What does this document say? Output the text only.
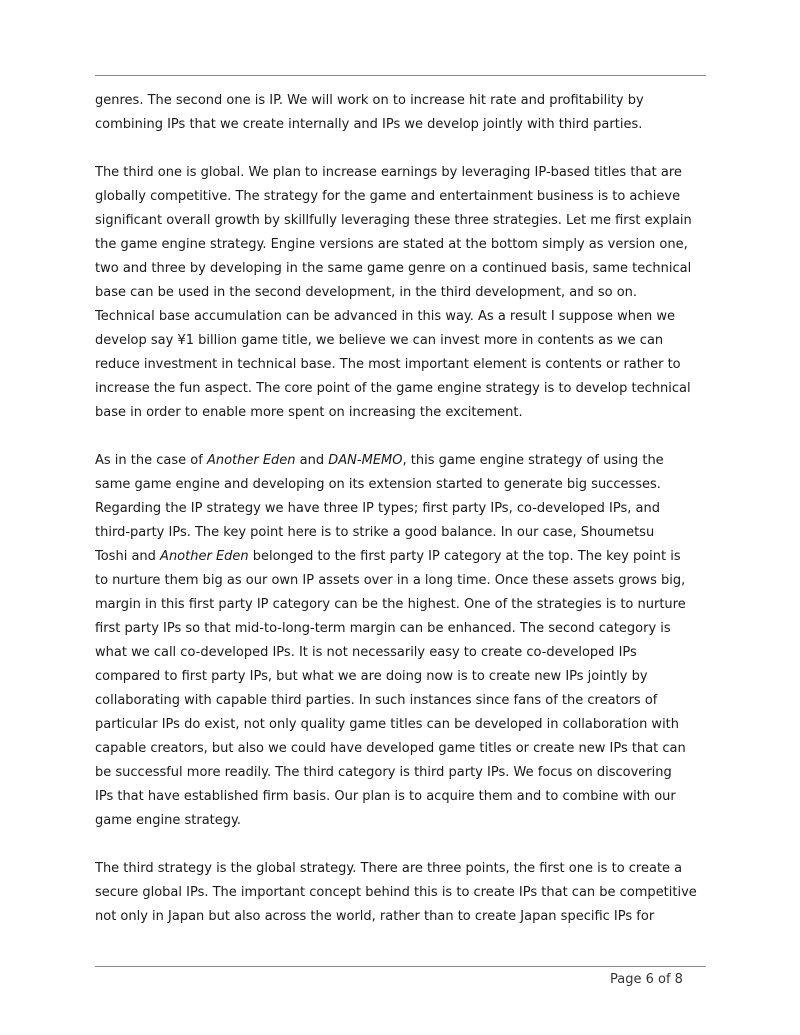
genres. The second one is IP. We will work on to increase hit rate and profitability by
combining IPs that we create internally and IPs we develop jointly with third parties.
The third one is global. We plan to increase earnings by leveraging IP-based titles that are
globally competitive. The strategy for the game and entertainment business is to achieve
significant overall growth by skillfully leveraging these three strategies. Let me first explain
the game engine strategy. Engine versions are stated at the bottom simply as version one,
two and three by developing in the same game genre on a continued basis, same technical
base can be used in the second development, in the third development, and so on.
Technical base accumulation can be advanced in this way. As a result I suppose when we
develop say ¥1 billion game title, we believe we can invest more in contents as we can
reduce investment in technical base. The most important element is contents or rather to
increase the fun aspect. The core point of the game engine strategy is to develop technical
base in order to enable more spent on increasing the excitement.
As in the case of Another Eden and DAN-MEMO, this game engine strategy of using the
same game engine and developing on its extension started to generate big successes.
Regarding the IP strategy we have three IP types; first party IPs, co-developed IPs, and
third-party IPs. The key point here is to strike a good balance. In our case, Shoumetsu
Toshi and Another Eden belonged to the first party IP category at the top. The key point is
to nurture them big as our own IP assets over in a long time. Once these assets grows big,
margin in this first party IP category can be the highest. One of the strategies is to nurture
first party IPs so that mid-to-long-term margin can be enhanced. The second category is
what we call co-developed IPs. It is not necessarily easy to create co-developed IPs
compared to first party IPs, but what we are doing now is to create new IPs jointly by
collaborating with capable third parties. In such instances since fans of the creators of
particular IPs do exist, not only quality game titles can be developed in collaboration with
capable creators, but also we could have developed game titles or create new IPs that can
be successful more readily. The third category is third party IPs. We focus on discovering
IPs that have established firm basis. Our plan is to acquire them and to combine with our
game engine strategy.
The third strategy is the global strategy. There are three points, the first one is to create a
secure global IPs. The important concept behind this is to create IPs that can be competitive
not only in Japan but also across the world, rather than to create Japan specific IPs for
Page 6 of 8
